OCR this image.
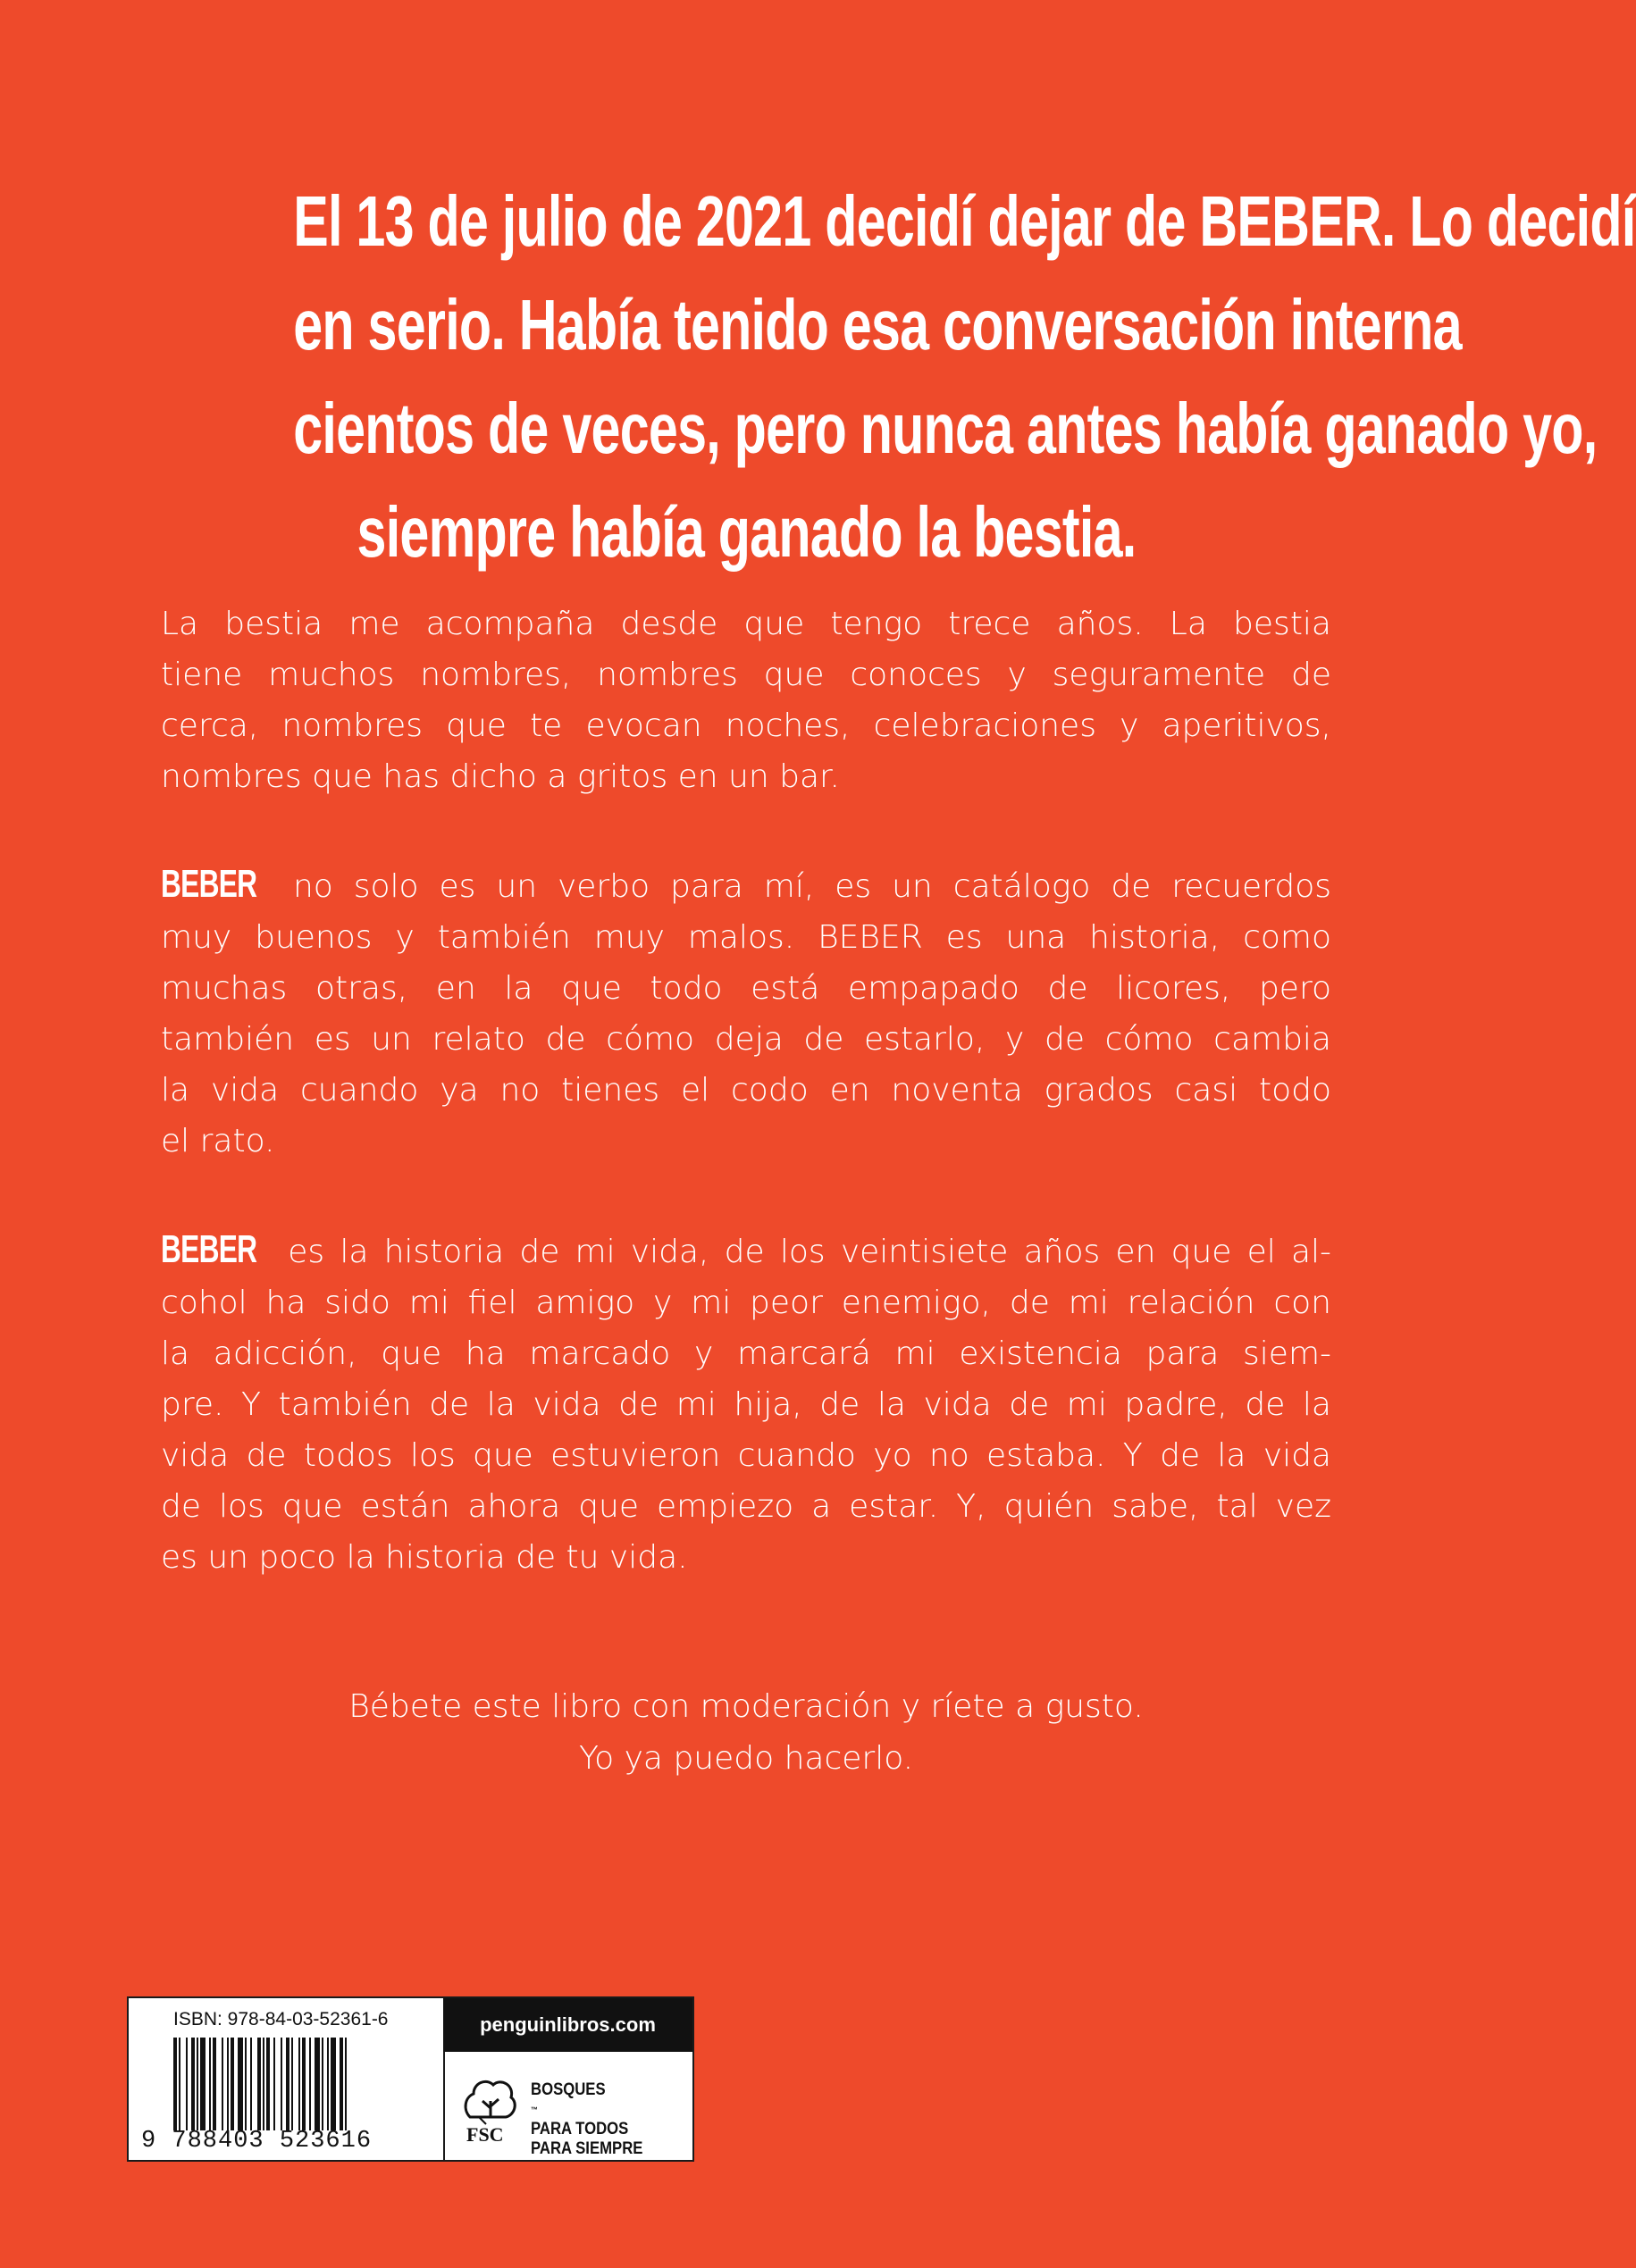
El 13 de julio de 2021 decidí dejar de BEBER. Lo decidí
en serio. Había tenido esa conversación interna
cientos de veces, pero nunca antes había ganado yo,
siempre había ganado la bestia.
La bestia me acompaña desde que tengo trece años. La bestia
tiene muchos nombres, nombres que conoces y seguramente de
cerca, nombres que te evocan noches, celebraciones y aperitivos,
nombres que has dicho a gritos en un bar.
BEBER no solo es un verbo para mí, es un catálogo de recuerdos
muy buenos y también muy malos. BEBER es una historia, como
muchas otras, en la que todo está empapado de licores, pero
también es un relato de cómo deja de estarlo, y de cómo cambia
la vida cuando ya no tienes el codo en noventa grados casi todo
el rato.
BEBER es la historia de mi vida, de los veintisiete años en que el al-
cohol ha sido mi fiel amigo y mi peor enemigo, de mi relación con
la adicción, que ha marcado y marcará mi existencia para siem-
pre. Y también de la vida de mi hija, de la vida de mi padre, de la
vida de todos los que estuvieron cuando yo no estaba. Y de la vida
de los que están ahora que empiezo a estar. Y, quién sabe, tal vez
es un poco la historia de tu vida.
Bébete este libro con moderación y ríete a gusto.
Yo ya puedo hacerlo.
ISBN: 978-84-03-52361-6
9 788403 523616
penguinlibros.com
FSC
BOSQUES
™
PARA TODOS
PARA SIEMPRE
